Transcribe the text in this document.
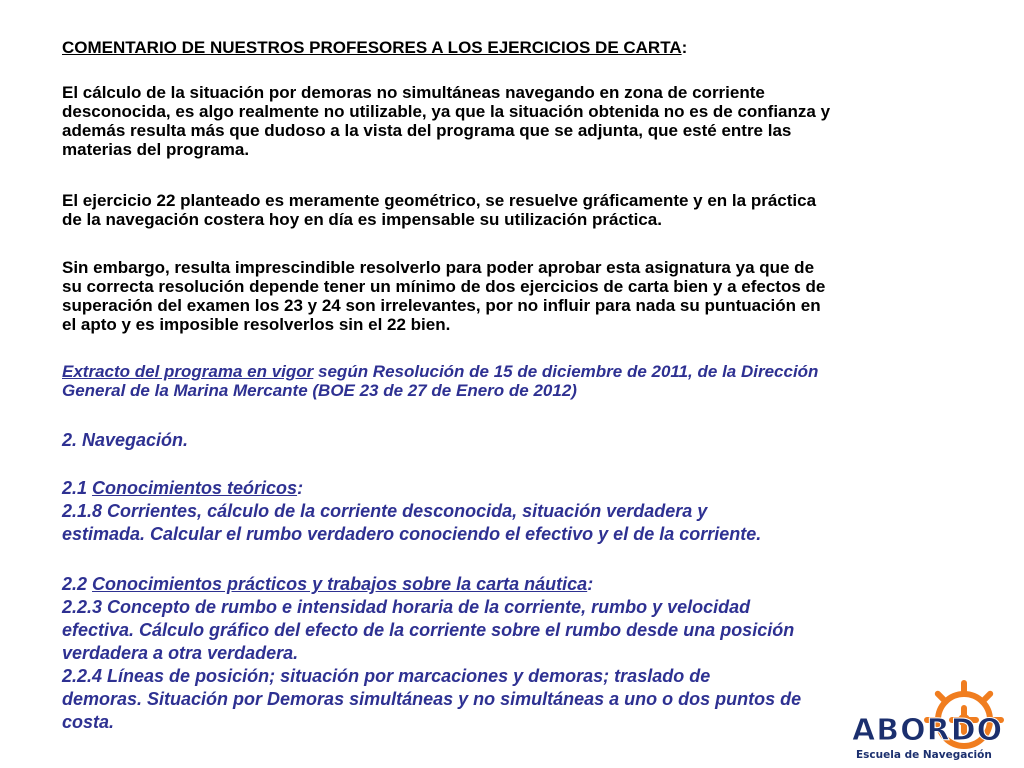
COMENTARIO DE NUESTROS PROFESORES A LOS EJERCICIOS DE CARTA:

El cálculo de la situación por demoras no simultáneas navegando en zona de corriente
desconocida, es algo realmente no utilizable, ya que la situación obtenida no es de confianza y
además resulta más que dudoso a la vista del programa que se adjunta, que esté entre las
materias del programa.

El ejercicio 22 planteado es meramente geométrico, se resuelve gráficamente y en la práctica
de la navegación costera hoy en día es impensable su utilización práctica.

Sin embargo, resulta imprescindible resolverlo para poder aprobar esta asignatura ya que de
su correcta resolución depende tener un mínimo de dos ejercicios de carta bien y a efectos de
superación del examen los 23 y 24 son irrelevantes, por no influir para nada su puntuación en
el apto y es imposible resolverlos sin el 22 bien.

Extracto del programa en vigor según Resolución de 15 de diciembre de 2011, de la Dirección
General de la Marina Mercante (BOE 23 de 27 de Enero de 2012)

2. Navegación.

2.1 Conocimientos teóricos:
2.1.8 Corrientes, cálculo de la corriente desconocida, situación verdadera y
estimada. Calcular el rumbo verdadero conociendo el efectivo y el de la corriente.

2.2 Conocimientos prácticos y trabajos sobre la carta náutica:
2.2.3 Concepto de rumbo e intensidad horaria de la corriente, rumbo y velocidad
efectiva. Cálculo gráfico del efecto de la corriente sobre el rumbo desde una posición
verdadera a otra verdadera.
2.2.4 Líneas de posición; situación por marcaciones y demoras; traslado de
demoras. Situación por Demoras simultáneas y no simultáneas a uno o dos puntos de
costa.	ABORDO
Escuela de Navegación
